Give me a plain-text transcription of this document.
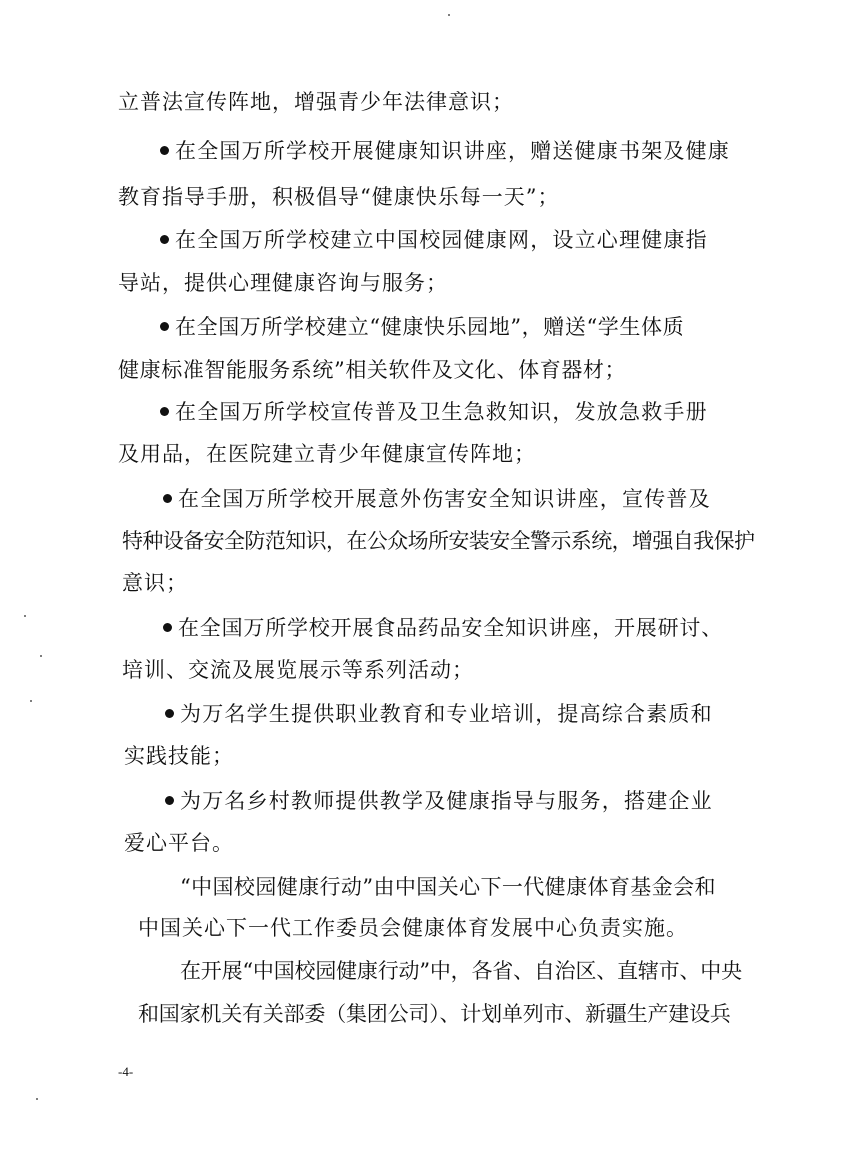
立普法宣传阵地，增强青少年法律意识；
在全国万所学校开展健康知识讲座，赠送健康书架及健康
教育指导手册，积极倡导“健康快乐每一天”；
在全国万所学校建立中国校园健康网，设立心理健康指
导站，提供心理健康咨询与服务；
在全国万所学校建立“健康快乐园地”，赠送“学生体质
健康标准智能服务系统”相关软件及文化、体育器材；
在全国万所学校宣传普及卫生急救知识，发放急救手册
及用品，在医院建立青少年健康宣传阵地；
在全国万所学校开展意外伤害安全知识讲座，宣传普及
特种设备安全防范知识，在公众场所安装安全警示系统，增强自我保护
意识；
在全国万所学校开展食品药品安全知识讲座，开展研讨、
培训、交流及展览展示等系列活动；
为万名学生提供职业教育和专业培训，提高综合素质和
实践技能；
为万名乡村教师提供教学及健康指导与服务，搭建企业
爱心平台。
“中国校园健康行动”由中国关心下一代健康体育基金会和
中国关心下一代工作委员会健康体育发展中心负责实施。
在开展“中国校园健康行动”中，各省、自治区、直辖市、中央
和国家机关有关部委（集团公司）、计划单列市、新疆生产建设兵
-4-
